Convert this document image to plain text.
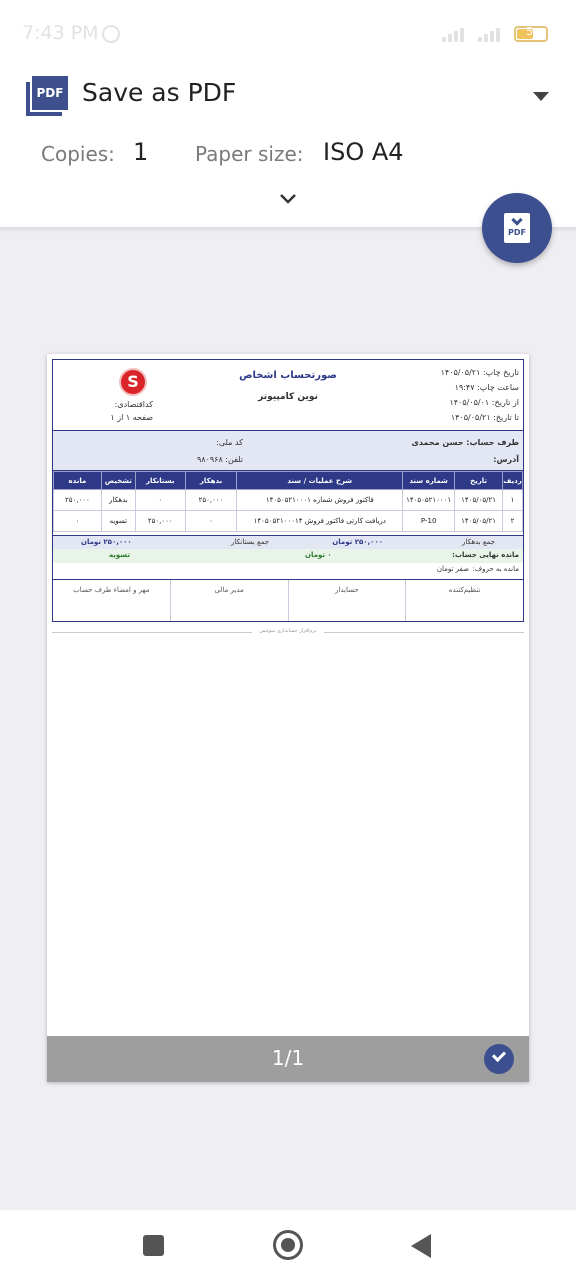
7:43 PM	5
PDF Save as PDF
Copies: 1 Paper size: ISO A4
PDF
تاریخ چاپ: ۱۴۰۵/۰۵/۲۱
ساعت چاپ: ۱۹:۴۷
از تاریخ: ۱۴۰۵/۰۵/۰۱
تا تاریخ: ۱۴۰۵/۰۵/۲۱
صورتحساب اشخاص
نوین کامپیوتر
S
کداقتصادی:
صفحه ۱ از ۱
طرف حساب: حسن محمدی
آدرس:
کد ملی:
تلفن: ۹۸۰۹۶۸
ردیف	تاریخ	شماره سند	شرح عملیات / سند	بدهکار	بستانکار	تشخیص	مانده
۱	۱۴۰۵/۰۵/۲۱	۱۴۰۵۰۵۲۱۰۰۰۱	فاکتور فروش شماره ۱۴۰۵۰۵۲۱۰۰۰۱	۲۵۰,۰۰۰	۰	بدهکار	۲۵۰,۰۰۰
۲	۱۴۰۵/۰۵/۲۱	P-10	دریافت کارتی فاکتور فروش ۱۴۰۵۰۵۲۱۰۰۰۱۴	۰	۲۵۰,۰۰۰	تسویه	۰
جمع بدهکار
۲۵۰,۰۰۰ تومان
جمع بستانکار
۲۵۰,۰۰۰ تومان
مانده نهایی حساب:
۰ تومان
تسویه
مانده به حروف:
صفر تومان
تنظیم‌کننده
حسابدار
مدیر مالی
مهر و امضاء طرف حساب
نرم‌افزار حسابداری سوئیس
1/1
